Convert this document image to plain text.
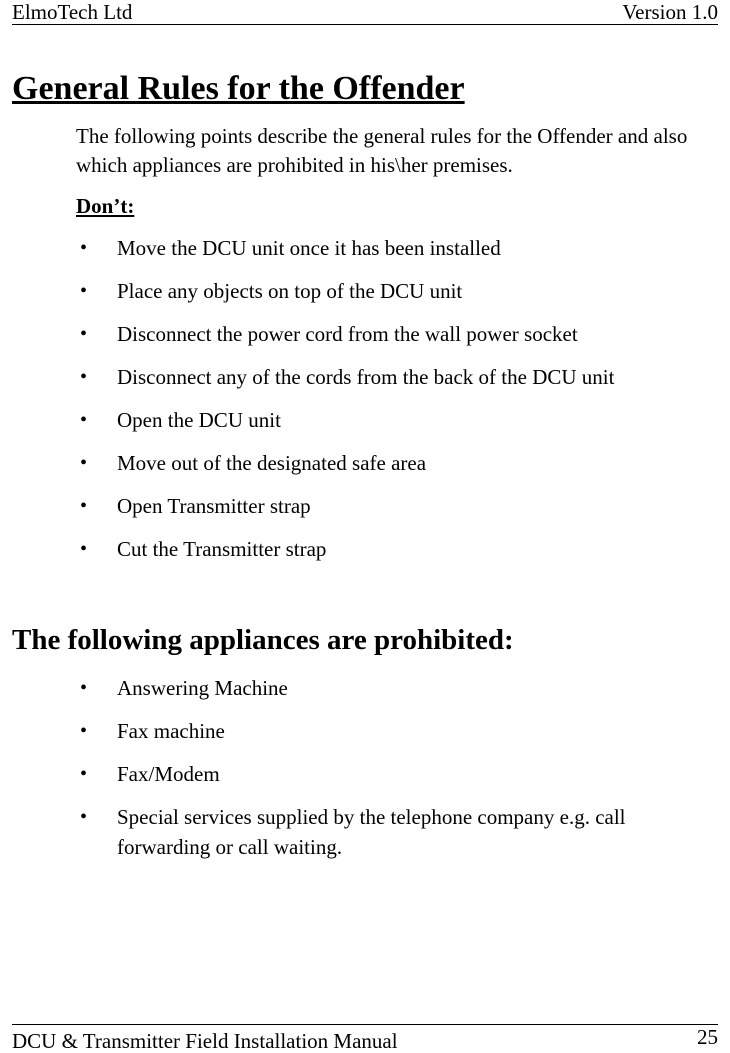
ElmoTech Ltd	Version 1.0
General Rules for the Offender
The following points describe the general rules for the Offender and also which appliances are prohibited in his\her premises.
Don’t:
• Move the DCU unit once it has been installed
• Place any objects on top of the DCU unit
• Disconnect the power cord from the wall power socket
• Disconnect any of the cords from the back of the DCU unit
• Open the DCU unit
• Move out of the designated safe area
• Open Transmitter strap
• Cut the Transmitter strap
The following appliances are prohibited:
• Answering Machine
• Fax machine
• Fax/Modem
• Special services supplied by the telephone company e.g. call forwarding or call waiting.
DCU & Transmitter Field Installation Manual	25
